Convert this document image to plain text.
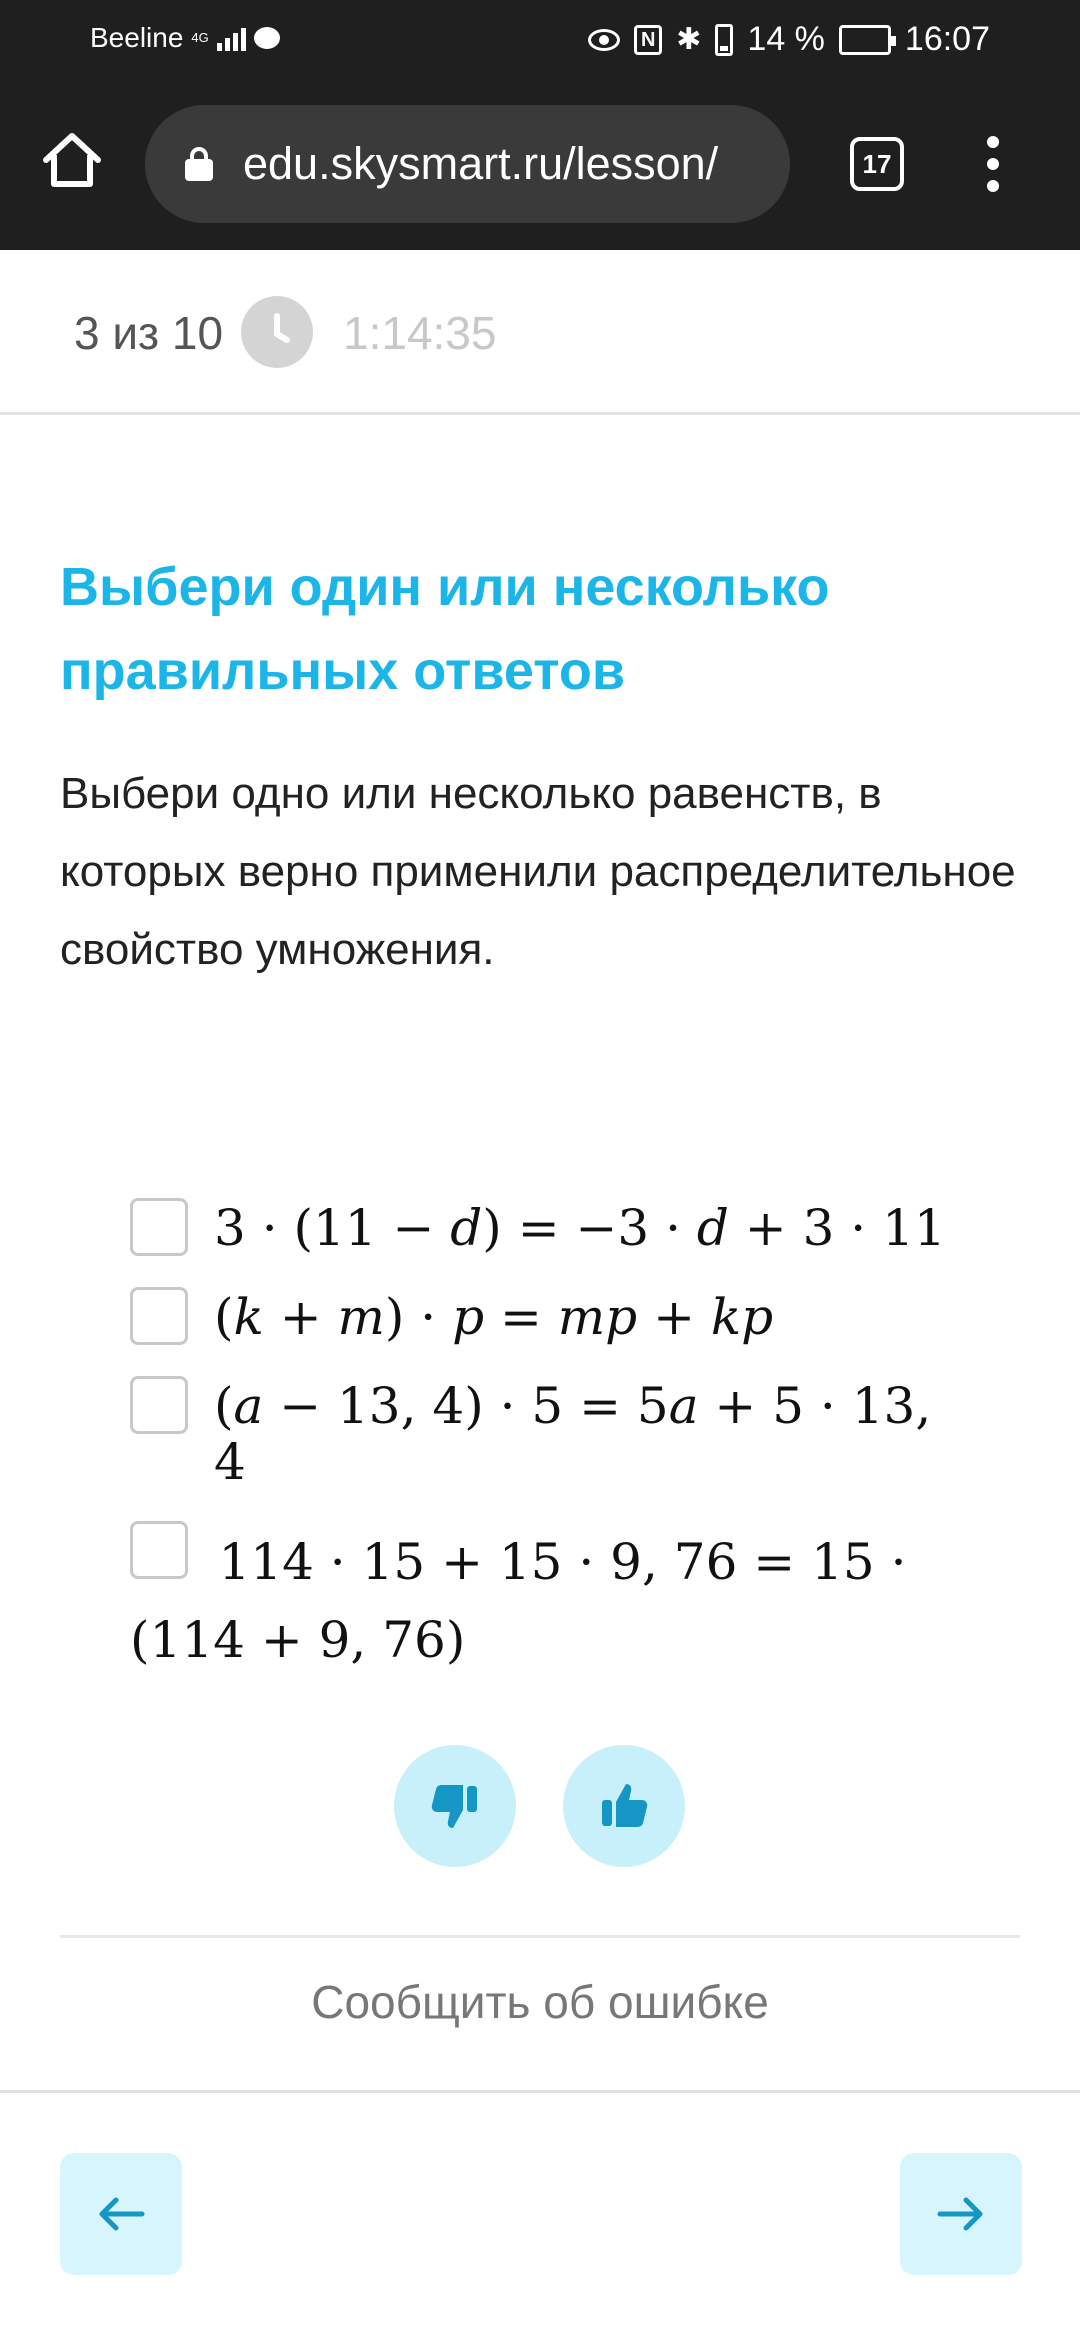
Beeline 4G	N ✱ 14 % 16:07
edu.skysmart.ru/lesson/	17
3 из 10	1:14:35
Выбери один или несколько правильных ответов
Выбери одно или несколько равенств, в которых верно применили распределительное свойство умножения.
3 · (11 − 𝑑) = −3 · 𝑑 + 3 · 11
(𝑘 + 𝑚) · 𝑝 = 𝑚𝑝 + 𝑘𝑝
(𝑎 − 13, 4) · 5 = 5𝑎 + 5 · 13, 4
114 · 15 + 15 · 9, 76 = 15 · (114 + 9, 76)
Сообщить об ошибке
